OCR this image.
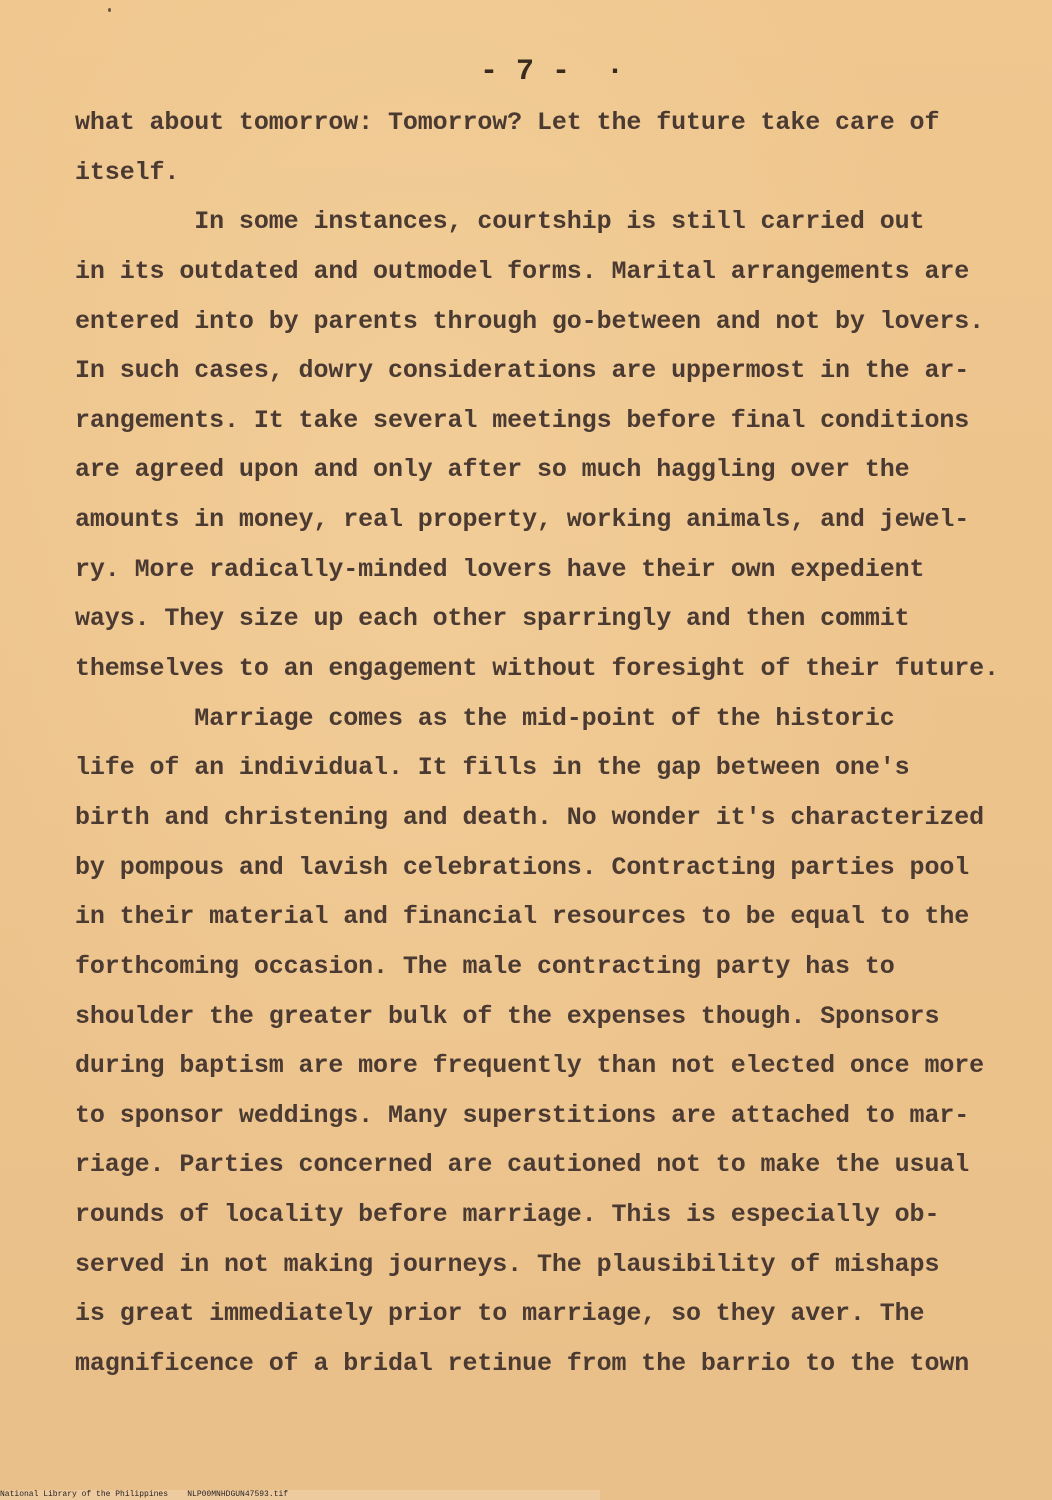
- 7 -  ·
what about tomorrow: Tomorrow? Let the future take care of
itself.
In some instances, courtship is still carried out
in its outdated and outmodel forms. Marital arrangements are
entered into by parents through go-between and not by lovers.
In such cases, dowry considerations are uppermost in the ar-
rangements. It take several meetings before final conditions
are agreed upon and only after so much haggling over the
amounts in money, real property, working animals, and jewel-
ry. More radically-minded lovers have their own expedient
ways. They size up each other sparringly and then commit
themselves to an engagement without foresight of their future.
Marriage comes as the mid-point of the historic
life of an individual. It fills in the gap between one's
birth and christening and death. No wonder it's characterized
by pompous and lavish celebrations. Contracting parties pool
in their material and financial resources to be equal to the
forthcoming occasion. The male contracting party has to
shoulder the greater bulk of the expenses though. Sponsors
during baptism are more frequently than not elected once more
to sponsor weddings. Many superstitions are attached to mar-
riage. Parties concerned are cautioned not to make the usual
rounds of locality before marriage. This is especially ob-
served in not making journeys. The plausibility of mishaps
is great immediately prior to marriage, so they aver. The
magnificence of a bridal retinue from the barrio to the town
National Library of the Philippines    NLP00MNHDGUN47593.tif
